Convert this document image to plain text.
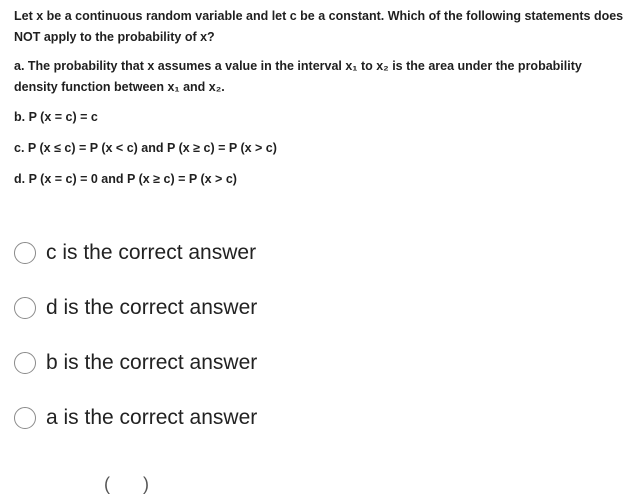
Let x be a continuous random variable and let c be a constant. Which of the following statements does
NOT apply to the probability of x?
a. The probability that x assumes a value in the interval x₁ to x₂ is the area under the probability
density function between x₁ and x₂.
b. P (x = c) = c
c. P (x ≤ c) = P (x < c) and P (x ≥ c) = P (x > c)
d. P (x = c) = 0 and P (x ≥ c) = P (x > c)
c is the correct answer
d is the correct answer
b is the correct answer
a is the correct answer
( )
